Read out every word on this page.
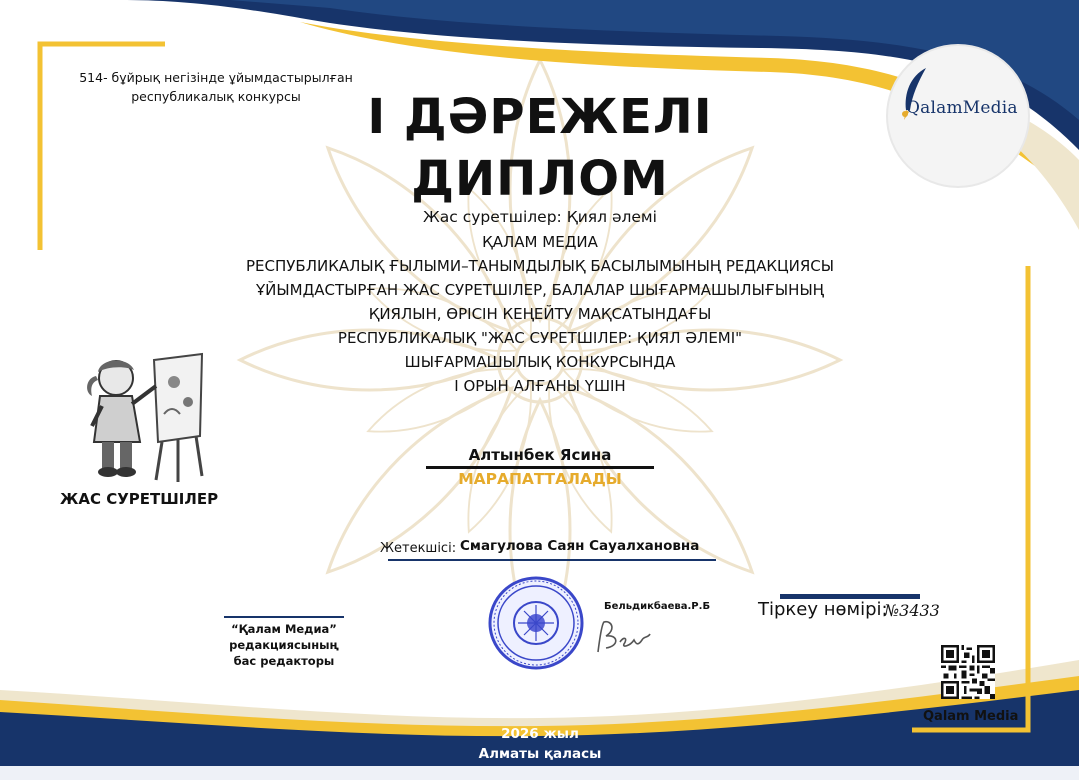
514- бұйрық негізінде ұйымдастырылған
республикалық конкурсы	І ДӘРЕЖЕЛІ
ДИПЛОМ
Жас суретшілер: Қиял әлемі
ҚАЛАМ МЕДИА
РЕСПУБЛИКАЛЫҚ ҒЫЛЫМИ–ТАНЫМДЫЛЫҚ БАСЫЛЫМЫНЫҢ РЕДАКЦИЯСЫ
ҰЙЫМДАСТЫРҒАН ЖАС СУРЕТШІЛЕР, БАЛАЛАР ШЫҒАРМАШЫЛЫҒЫНЫҢ
ҚИЯЛЫН, ӨРІСІН КЕҢЕЙТУ МАҚСАТЫНДАҒЫ
РЕСПУБЛИКАЛЫҚ "ЖАС СУРЕТШІЛЕР: ҚИЯЛ ӘЛЕМІ"
ШЫҒАРМАШЫЛЫҚ КОНКУРСЫНДА
І ОРЫН АЛҒАНЫ ҮШІН
QalamMedia
ЖАС СУРЕТШІЛЕР
Алтынбек Ясина
МАРАПАТТАЛАДЫ
Жетекшісі: Смагулова Саян Сауалхановна
“Қалам Медиа” редакциясының
бас редакторы
Бельдикбаева.Р.Б	Тіркеу нөмірі:
№3433
Qalam Media
2026 жыл
Алматы қаласы
